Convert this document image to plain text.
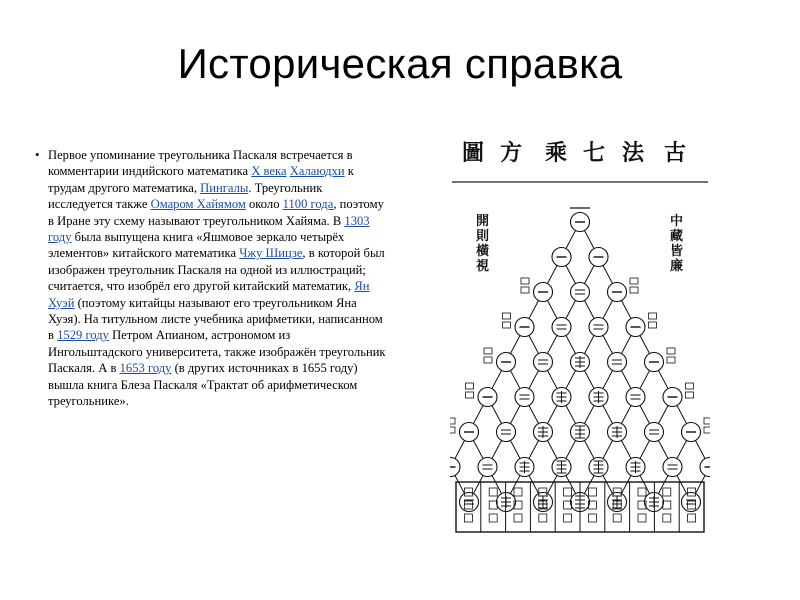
Историческая справка
• Первое упоминание треугольника Паскаля встречается в комментарии индийского математика X века Халаюдхи к трудам другого математика, Пингалы. Треугольник исследуется также Омаром Хайямом около 1100 года, поэтому в Иране эту схему называют треугольником Хайяма. В 1303 году была выпущена книга «Яшмовое зеркало четырёх элементов» китайского математика Чжу Шицзе, в которой был изображен треугольник Паскаля на одной из иллюстраций; считается, что изобрёл его другой китайский математик, Ян Хуэй (поэтому китайцы называют его треугольником Яна Хуэя). На титульном листе учебника арифметики, написанном в 1529 году Петром Апианом, астрономом из Ингольштадского университета, также изображён треугольник Паскаля. А в 1653 году (в других источниках в 1655 году) вышла книга Блеза Паскаля «Трактат об арифметическом треугольнике».

圖 方 乘 七 法 古
開
則
橫
視
中
藏
皆
廉
